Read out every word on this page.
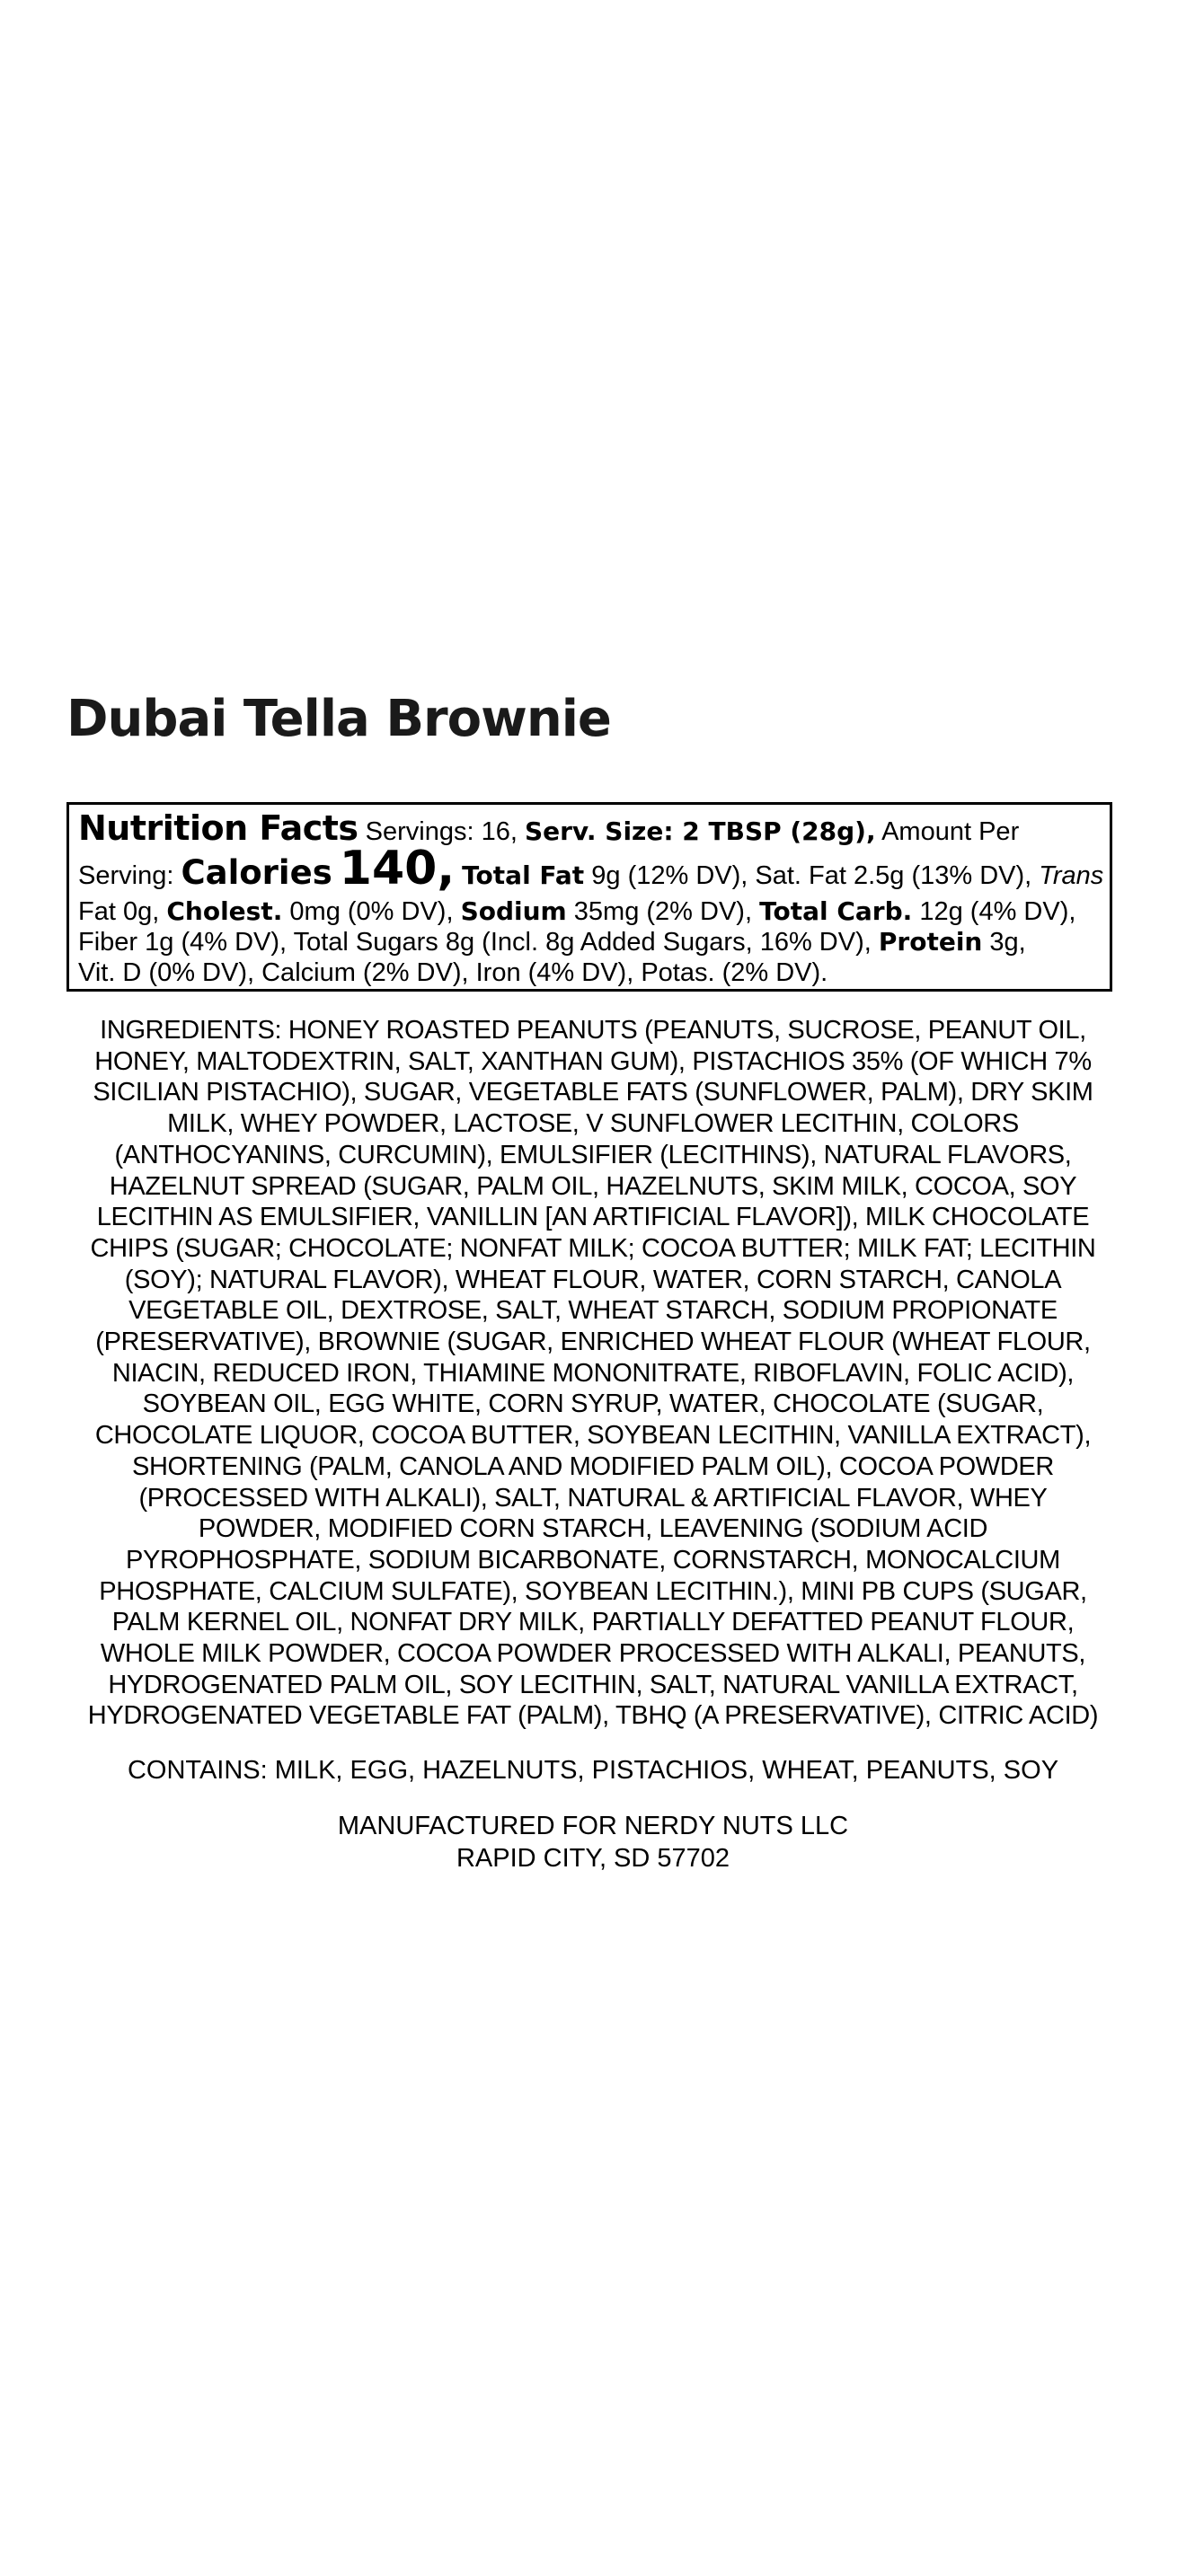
Dubai Tella Brownie
Nutrition Facts Servings: 16, Serv. Size: 2 TBSP (28g), Amount Per
Serving: Calories 140, Total Fat 9g (12% DV), Sat. Fat 2.5g (13% DV), Trans
Fat 0g, Cholest. 0mg (0% DV), Sodium 35mg (2% DV), Total Carb. 12g (4% DV),
Fiber 1g (4% DV), Total Sugars 8g (Incl. 8g Added Sugars, 16% DV), Protein 3g,
Vit. D (0% DV), Calcium (2% DV), Iron (4% DV), Potas. (2% DV).

INGREDIENTS: HONEY ROASTED PEANUTS (PEANUTS, SUCROSE, PEANUT OIL,
HONEY, MALTODEXTRIN, SALT, XANTHAN GUM), PISTACHIOS 35% (OF WHICH 7%
SICILIAN PISTACHIO), SUGAR, VEGETABLE FATS (SUNFLOWER, PALM), DRY SKIM
MILK, WHEY POWDER, LACTOSE, V SUNFLOWER LECITHIN, COLORS
(ANTHOCYANINS, CURCUMIN), EMULSIFIER (LECITHINS), NATURAL FLAVORS,
HAZELNUT SPREAD (SUGAR, PALM OIL, HAZELNUTS, SKIM MILK, COCOA, SOY
LECITHIN AS EMULSIFIER, VANILLIN [AN ARTIFICIAL FLAVOR]), MILK CHOCOLATE
CHIPS (SUGAR; CHOCOLATE; NONFAT MILK; COCOA BUTTER; MILK FAT; LECITHIN
(SOY); NATURAL FLAVOR), WHEAT FLOUR, WATER, CORN STARCH, CANOLA
VEGETABLE OIL, DEXTROSE, SALT, WHEAT STARCH, SODIUM PROPIONATE
(PRESERVATIVE), BROWNIE (SUGAR, ENRICHED WHEAT FLOUR (WHEAT FLOUR,
NIACIN, REDUCED IRON, THIAMINE MONONITRATE, RIBOFLAVIN, FOLIC ACID),
SOYBEAN OIL, EGG WHITE, CORN SYRUP, WATER, CHOCOLATE (SUGAR,
CHOCOLATE LIQUOR, COCOA BUTTER, SOYBEAN LECITHIN, VANILLA EXTRACT),
SHORTENING (PALM, CANOLA AND MODIFIED PALM OIL), COCOA POWDER
(PROCESSED WITH ALKALI), SALT, NATURAL & ARTIFICIAL FLAVOR, WHEY
POWDER, MODIFIED CORN STARCH, LEAVENING (SODIUM ACID
PYROPHOSPHATE, SODIUM BICARBONATE, CORNSTARCH, MONOCALCIUM
PHOSPHATE, CALCIUM SULFATE), SOYBEAN LECITHIN.), MINI PB CUPS (SUGAR,
PALM KERNEL OIL, NONFAT DRY MILK, PARTIALLY DEFATTED PEANUT FLOUR,
WHOLE MILK POWDER, COCOA POWDER PROCESSED WITH ALKALI, PEANUTS,
HYDROGENATED PALM OIL, SOY LECITHIN, SALT, NATURAL VANILLA EXTRACT,
HYDROGENATED VEGETABLE FAT (PALM), TBHQ (A PRESERVATIVE), CITRIC ACID)

CONTAINS: MILK, EGG, HAZELNUTS, PISTACHIOS, WHEAT, PEANUTS, SOY

MANUFACTURED FOR NERDY NUTS LLC
RAPID CITY, SD 57702
